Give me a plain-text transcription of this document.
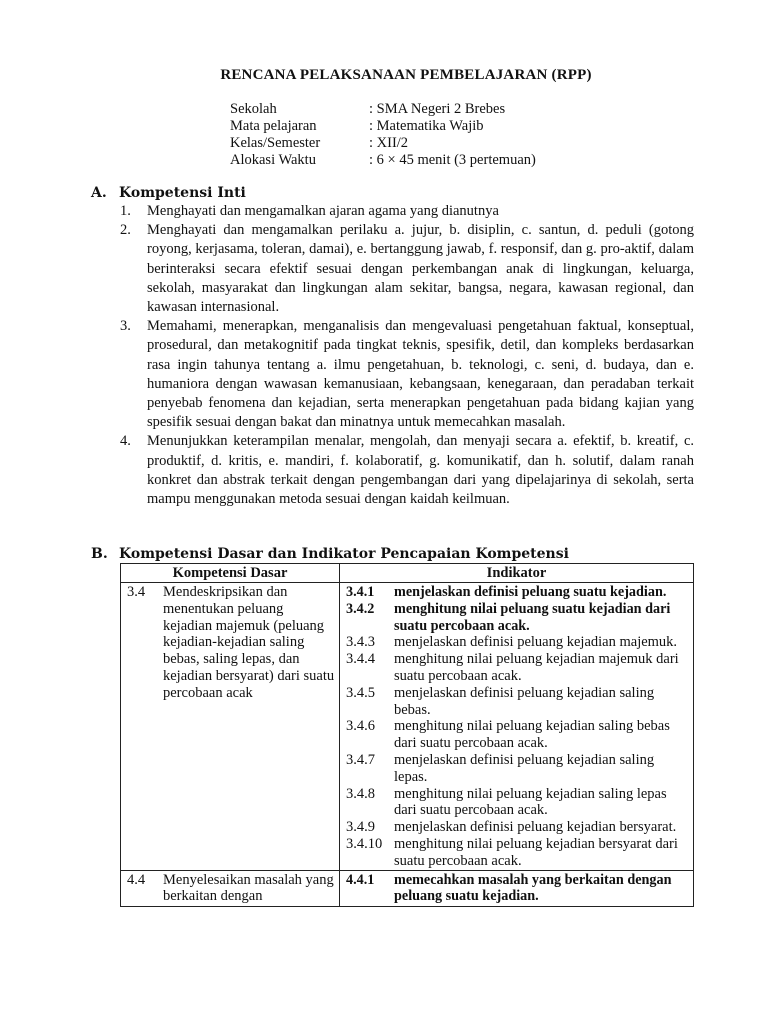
RENCANA PELAKSANAAN PEMBELAJARAN (RPP)
Sekolah	: SMA Negeri 2 Brebes
Mata pelajaran	: Matematika Wajib
Kelas/Semester	: XII/2
Alokasi Waktu	: 6 × 45 menit (3 pertemuan)
A. Kompetensi Inti
1.	Menghayati dan mengamalkan ajaran agama yang dianutnya
2.	Menghayati dan mengamalkan perilaku a. jujur, b. disiplin, c. santun, d. peduli (gotong royong, kerjasama, toleran, damai), e. bertanggung jawab, f. responsif, dan g. pro-aktif, dalam berinteraksi secara efektif sesuai dengan perkembangan anak di lingkungan, keluarga, sekolah, masyarakat dan lingkungan alam sekitar, bangsa, negara, kawasan regional, dan kawasan internasional.
3.	Memahami, menerapkan, menganalisis dan mengevaluasi pengetahuan faktual, konseptual, prosedural, dan metakognitif pada tingkat teknis, spesifik, detil, dan kompleks berdasarkan rasa ingin tahunya tentang a. ilmu pengetahuan, b. teknologi, c. seni, d. budaya, dan e. humaniora dengan wawasan kemanusiaan, kebangsaan, kenegaraan, dan peradaban terkait penyebab fenomena dan kejadian, serta menerapkan pengetahuan pada bidang kajian yang spesifik sesuai dengan bakat dan minatnya untuk memecahkan masalah.
4.	Menunjukkan keterampilan menalar, mengolah, dan menyaji secara a. efektif, b. kreatif, c. produktif, d. kritis, e. mandiri, f. kolaboratif, g. komunikatif, dan h. solutif, dalam ranah konkret dan abstrak terkait dengan pengembangan dari yang dipelajarinya di sekolah, serta mampu menggunakan metoda sesuai dengan kaidah keilmuan.
B. Kompetensi Dasar dan Indikator Pencapaian Kompetensi
Kompetensi Dasar	Indikator

3.4	Mendeskripsikan dan menentukan peluang kejadian majemuk (peluang kejadian-kejadian saling bebas, saling lepas, dan kejadian bersyarat) dari suatu percobaan acak

3.4.1	menjelaskan definisi peluang suatu kejadian.
3.4.2	menghitung nilai peluang suatu kejadian dari suatu percobaan acak.
3.4.3	menjelaskan definisi peluang kejadian majemuk.
3.4.4	menghitung nilai peluang kejadian majemuk dari suatu percobaan acak.
3.4.5	menjelaskan definisi peluang kejadian saling bebas.
3.4.6	menghitung nilai peluang kejadian saling bebas dari suatu percobaan acak.
3.4.7	menjelaskan definisi peluang kejadian saling lepas.
3.4.8	menghitung nilai peluang kejadian saling lepas dari suatu percobaan acak.
3.4.9	menjelaskan definisi peluang kejadian bersyarat.
3.4.10 menghitung nilai peluang kejadian bersyarat dari suatu percobaan acak.

4.4 Menyelesaikan masalah yang berkaitan dengan	4.4.1 memecahkan masalah yang berkaitan dengan peluang suatu kejadian.
